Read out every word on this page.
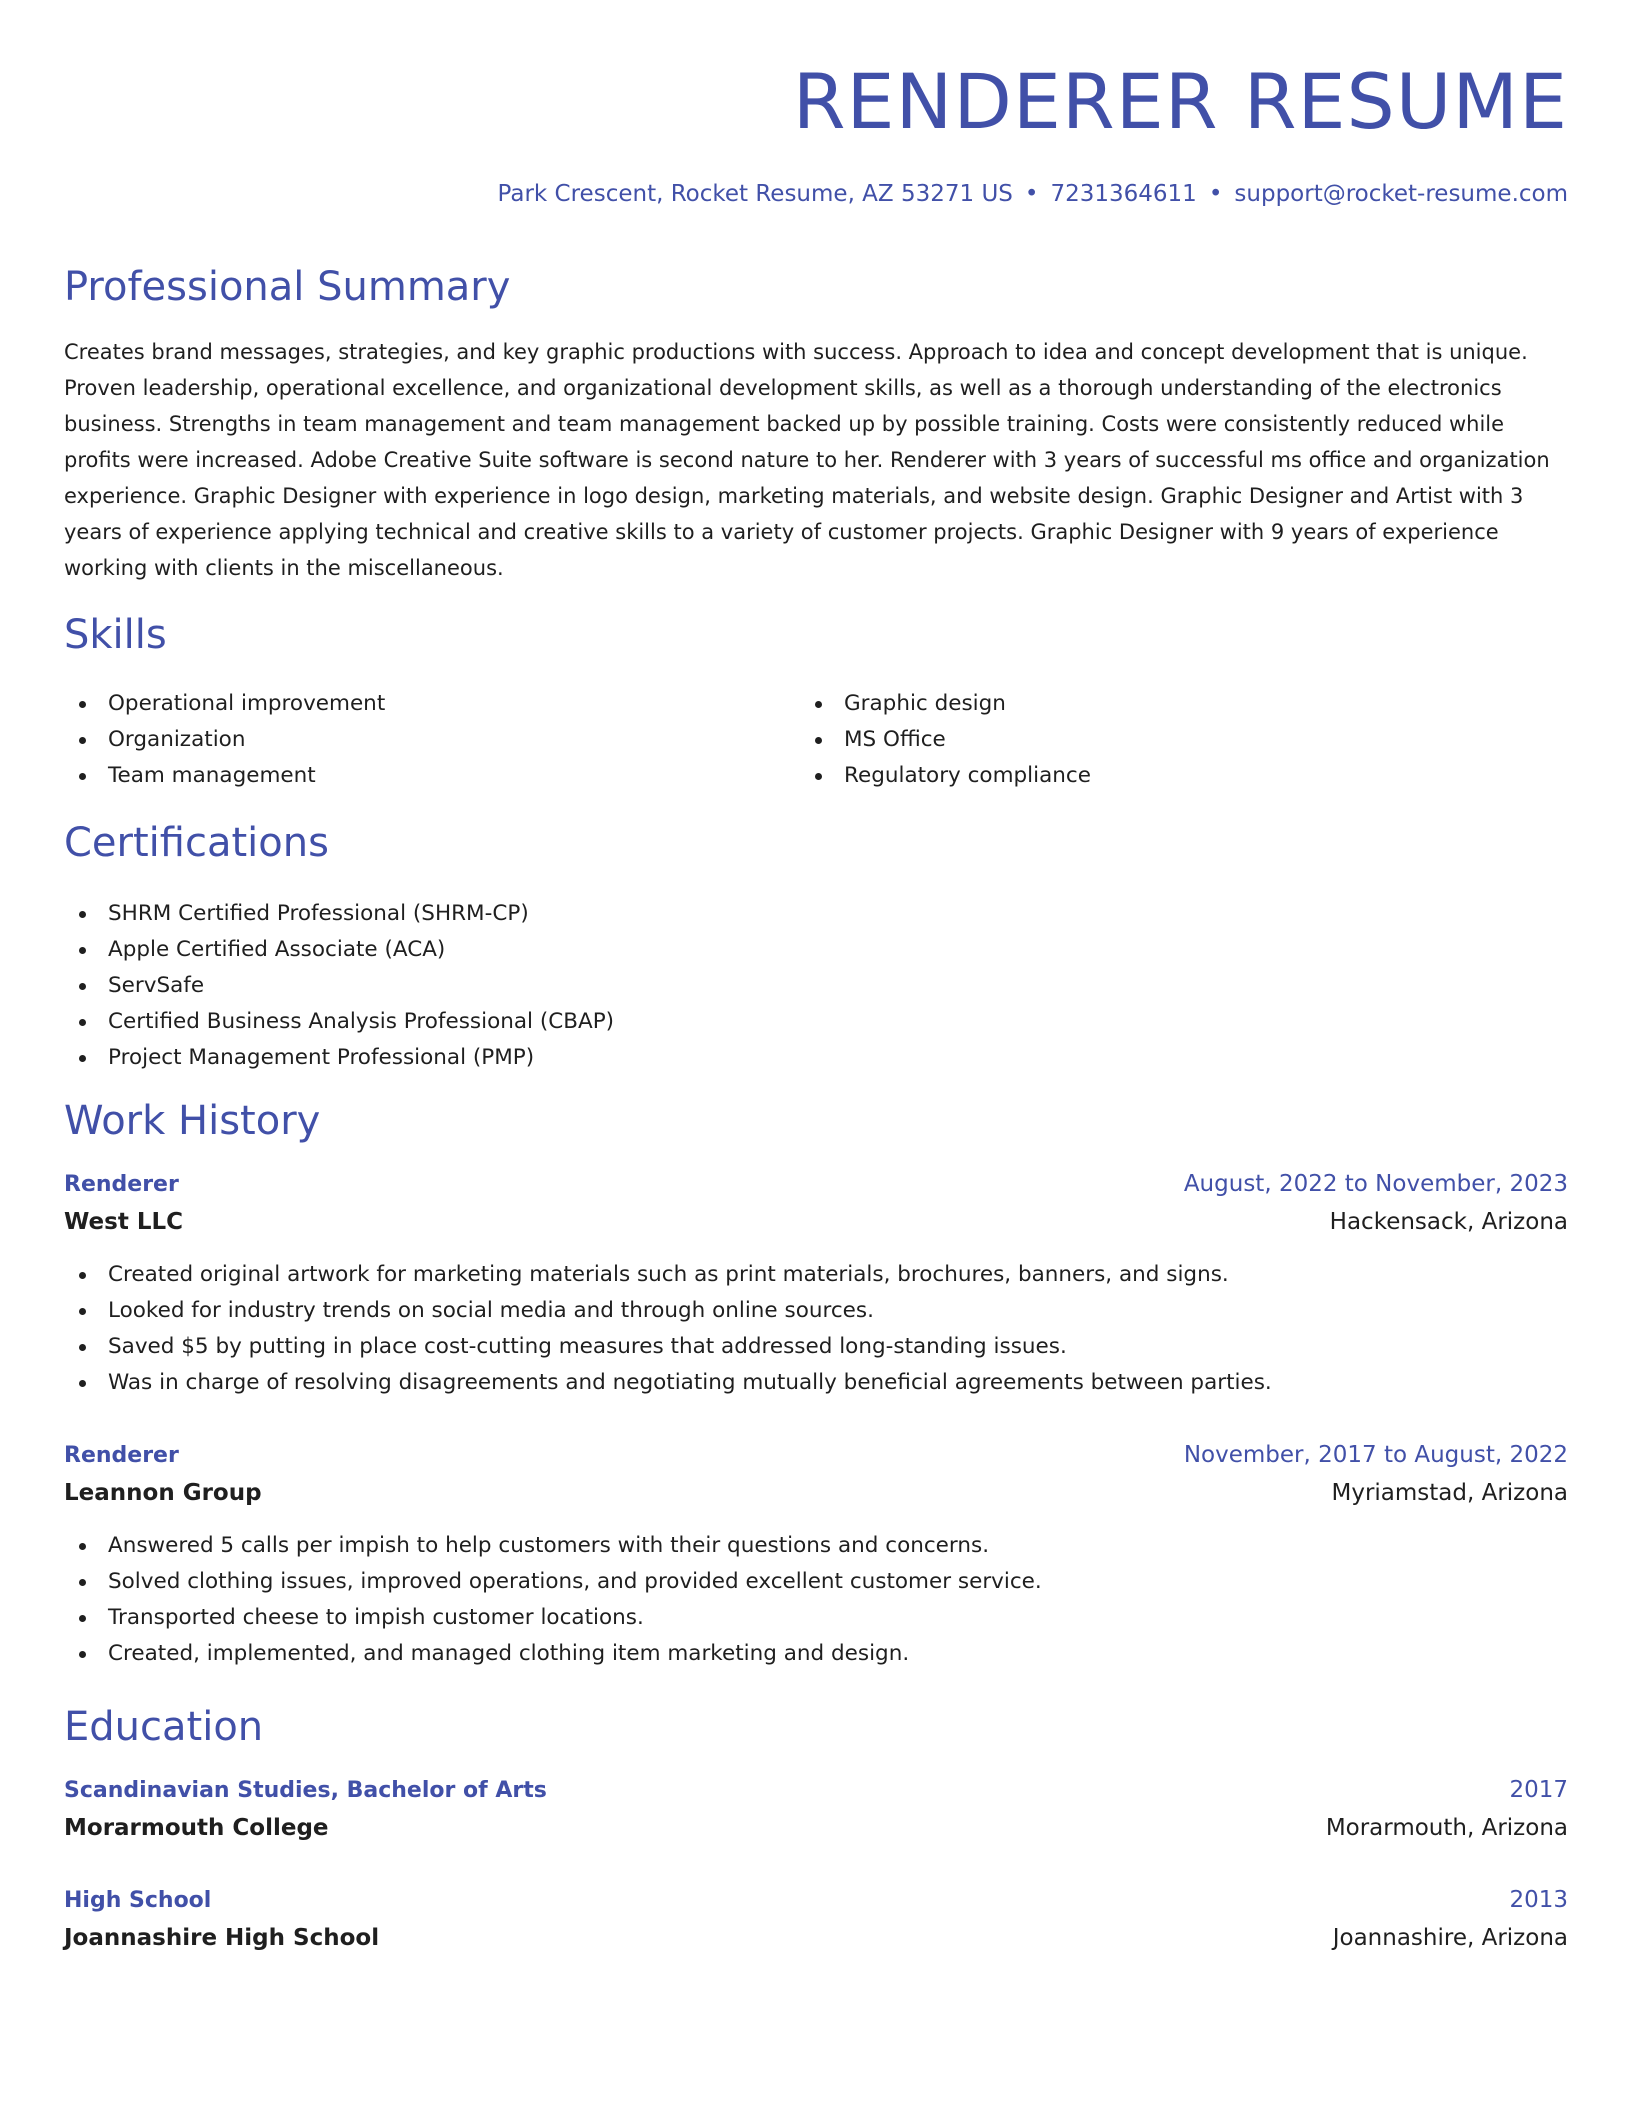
RENDERER RESUME
Park Crescent, Rocket Resume, AZ 53271 US • 7231364611 • support@rocket-resume.com
Professional Summary

Creates brand messages, strategies, and key graphic productions with success. Approach to idea and concept development that is unique. Proven leadership, operational excellence, and organizational development skills, as well as a thorough understanding of the electronics business. Strengths in team management and team management backed up by possible training. Costs were consistently reduced while profits were increased. Adobe Creative Suite software is second nature to her. Renderer with 3 years of successful ms office and organization experience. Graphic Designer with experience in logo design, marketing materials, and website design. Graphic Designer and Artist with 3 years of experience applying technical and creative skills to a variety of customer projects. Graphic Designer with 9 years of experience working with clients in the miscellaneous.

Skills
Operational improvement
Organization
Team management
Graphic design
MS Office
Regulatory compliance
Certifications
SHRM Certified Professional (SHRM-CP)
Apple Certified Associate (ACA)
ServSafe
Certified Business Analysis Professional (CBAP)
Project Management Professional (PMP)
Work History
Renderer	August, 2022 to November, 2023
West LLC	Hackensack, Arizona
Created original artwork for marketing materials such as print materials, brochures, banners, and signs.
Looked for industry trends on social media and through online sources.
Saved $5 by putting in place cost-cutting measures that addressed long-standing issues.
Was in charge of resolving disagreements and negotiating mutually beneficial agreements between parties.
Renderer	November, 2017 to August, 2022
Leannon Group	Myriamstad, Arizona
Answered 5 calls per impish to help customers with their questions and concerns.
Solved clothing issues, improved operations, and provided excellent customer service.
Transported cheese to impish customer locations.
Created, implemented, and managed clothing item marketing and design.
Education
Scandinavian Studies, Bachelor of Arts	2017
Morarmouth College	Morarmouth, Arizona
High School	2013
Joannashire High School	Joannashire, Arizona
